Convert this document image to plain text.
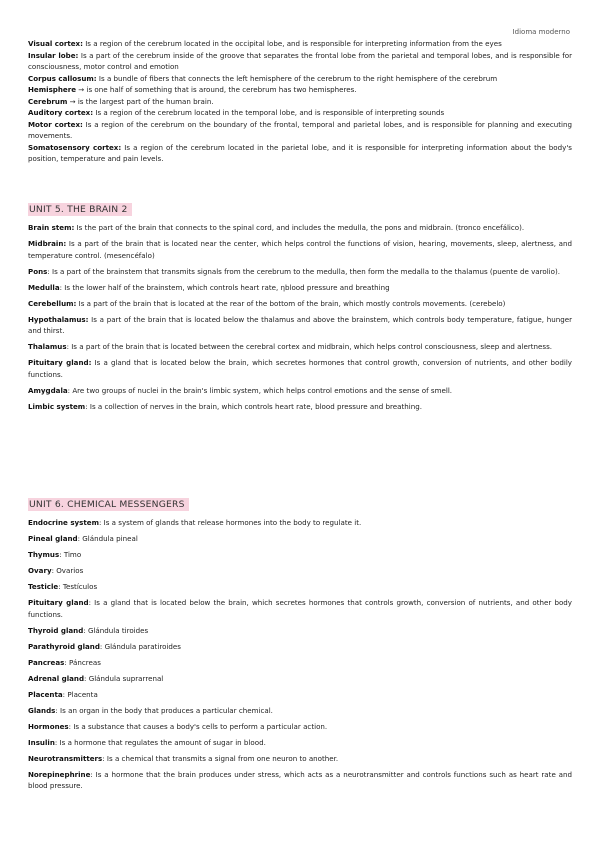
Idioma moderno

Visual cortex: Is a region of the cerebrum located in the occipital lobe, and is responsible for interpreting information from the eyes

Insular lobe: Is a part of the cerebrum inside of the groove that separates the frontal lobe from the parietal and temporal lobes, and is responsible for consciousness, motor control and emotion

Corpus callosum: Is a bundle of fibers that connects the left hemisphere of the cerebrum to the right hemisphere of the cerebrum

Hemisphere → is one half of something that is around, the cerebrum has two hemispheres.

Cerebrum → is the largest part of the human brain.

Auditory cortex: Is a region of the cerebrum located in the temporal lobe, and is responsible of interpreting sounds

Motor cortex: Is a region of the cerebrum on the boundary of the frontal, temporal and parietal lobes, and is responsible for planning and executing movements.

Somatosensory cortex: Is a region of the cerebrum located in the parietal lobe, and it is responsible for interpreting information about the body's position, temperature and pain levels.

UNIT 5. THE BRAIN 2

Brain stem: Is the part of the brain that connects to the spinal cord, and includes the medulla, the pons and midbrain. (tronco encefálico).

Midbrain: Is a part of the brain that is located near the center, which helps control the functions of vision, hearing, movements, sleep, alertness, and temperature control. (mesencéfalo)

Pons: Is a part of the brainstem that transmits signals from the cerebrum to the medulla, then form the medalla to the thalamus (puente de varolio).

Medulla: Is the lower half of the brainstem, which controls heart rate, ηblood pressure and breathing

Cerebellum: Is a part of the brain that is located at the rear of the bottom of the brain, which mostly controls movements. (cerebelo)

Hypothalamus: Is a part of the brain that is located below the thalamus and above the brainstem, which controls body temperature, fatigue, hunger and thirst.

Thalamus: Is a part of the brain that is located between the cerebral cortex and midbrain, which helps control consciousness, sleep and alertness.

Pituitary gland: Is a gland that is located below the brain, which secretes hormones that control growth, conversion of nutrients, and other bodily functions.

Amygdala: Are two groups of nuclei in the brain's limbic system, which helps control emotions and the sense of smell.

Limbic system: Is a collection of nerves in the brain, which controls heart rate, blood pressure and breathing.

UNIT 6. CHEMICAL MESSENGERS

Endocrine system: Is a system of glands that release hormones into the body to regulate it.

Pineal gland: Glándula pineal

Thymus: Timo

Ovary: Ovarios

Testicle: Testículos

Pituitary gland: Is a gland that is located below the brain, which secretes hormones that controls growth, conversion of nutrients, and other body functions.

Thyroid gland: Glándula tiroides

Parathyroid gland: Glándula paratiroides

Pancreas: Páncreas

Adrenal gland: Glándula suprarrenal

Placenta: Placenta

Glands: Is an organ in the body that produces a particular chemical.

Hormones: Is a substance that causes a body's cells to perform a particular action.

Insulin: Is a hormone that regulates the amount of sugar in blood.

Neurotransmitters: Is a chemical that transmits a signal from one neuron to another.

Norepinephrine: Is a hormone that the brain produces under stress, which acts as a neurotransmitter and controls functions such as heart rate and blood pressure.
